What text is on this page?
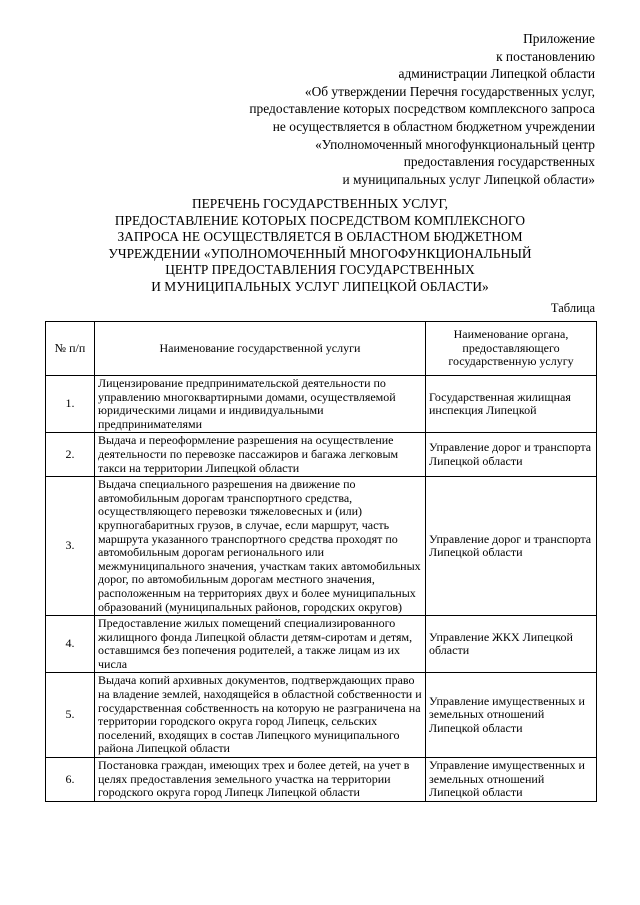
Приложение
к постановлению
администрации Липецкой области
«Об утверждении Перечня государственных услуг,
предоставление которых посредством комплексного запроса
не осуществляется в областном бюджетном учреждении
«Уполномоченный многофункциональный центр
предоставления государственных
и муниципальных услуг Липецкой области»
ПЕРЕЧЕНЬ ГОСУДАРСТВЕННЫХ УСЛУГ,
ПРЕДОСТАВЛЕНИЕ КОТОРЫХ ПОСРЕДСТВОМ КОМПЛЕКСНОГО
ЗАПРОСА НЕ ОСУЩЕСТВЛЯЕТСЯ В ОБЛАСТНОМ БЮДЖЕТНОМ
УЧРЕЖДЕНИИ «УПОЛНОМОЧЕННЫЙ МНОГОФУНКЦИОНАЛЬНЫЙ
ЦЕНТР ПРЕДОСТАВЛЕНИЯ ГОСУДАРСТВЕННЫХ
И МУНИЦИПАЛЬНЫХ УСЛУГ ЛИПЕЦКОЙ ОБЛАСТИ»
Таблица
№ п/п	Наименование государственной услуги	Наименование органа, предоставляющего государственную услугу
1.	Лицензирование предпринимательской деятельности по управлению многоквартирными домами, осуществляемой юридическими лицами и индивидуальными предпринимателями	Государственная жилищная инспекция Липецкой
2.	Выдача и переоформление разрешения на осуществление деятельности по перевозке пассажиров и багажа легковым такси на территории Липецкой области	Управление дорог и транспорта Липецкой области
3.	Выдача специального разрешения на движение по автомобильным дорогам транспортного средства, осуществляющего перевозки тяжеловесных и (или) крупногабаритных грузов, в случае, если маршрут, часть маршрута указанного транспортного средства проходят по автомобильным дорогам регионального или межмуниципального значения, участкам таких автомобильных дорог, по автомобильным дорогам местного значения, расположенным на территориях двух и более муниципальных образований (муниципальных районов, городских округов)	Управление дорог и транспорта Липецкой области
4.	Предоставление жилых помещений специализированного жилищного фонда Липецкой области детям-сиротам и детям, оставшимся без попечения родителей, а также лицам из их числа	Управление ЖКХ Липецкой области
5.	Выдача копий архивных документов, подтверждающих право на владение землей, находящейся в областной собственности и государственная собственность на которую не разграничена на территории городского округа город Липецк, сельских поселений, входящих в состав Липецкого муниципального района Липецкой области	Управление имущественных и земельных отношений Липецкой области
6.	Постановка граждан, имеющих трех и более детей, на учет в целях предоставления земельного участка на территории городского округа город Липецк Липецкой области	Управление имущественных и земельных отношений Липецкой области
